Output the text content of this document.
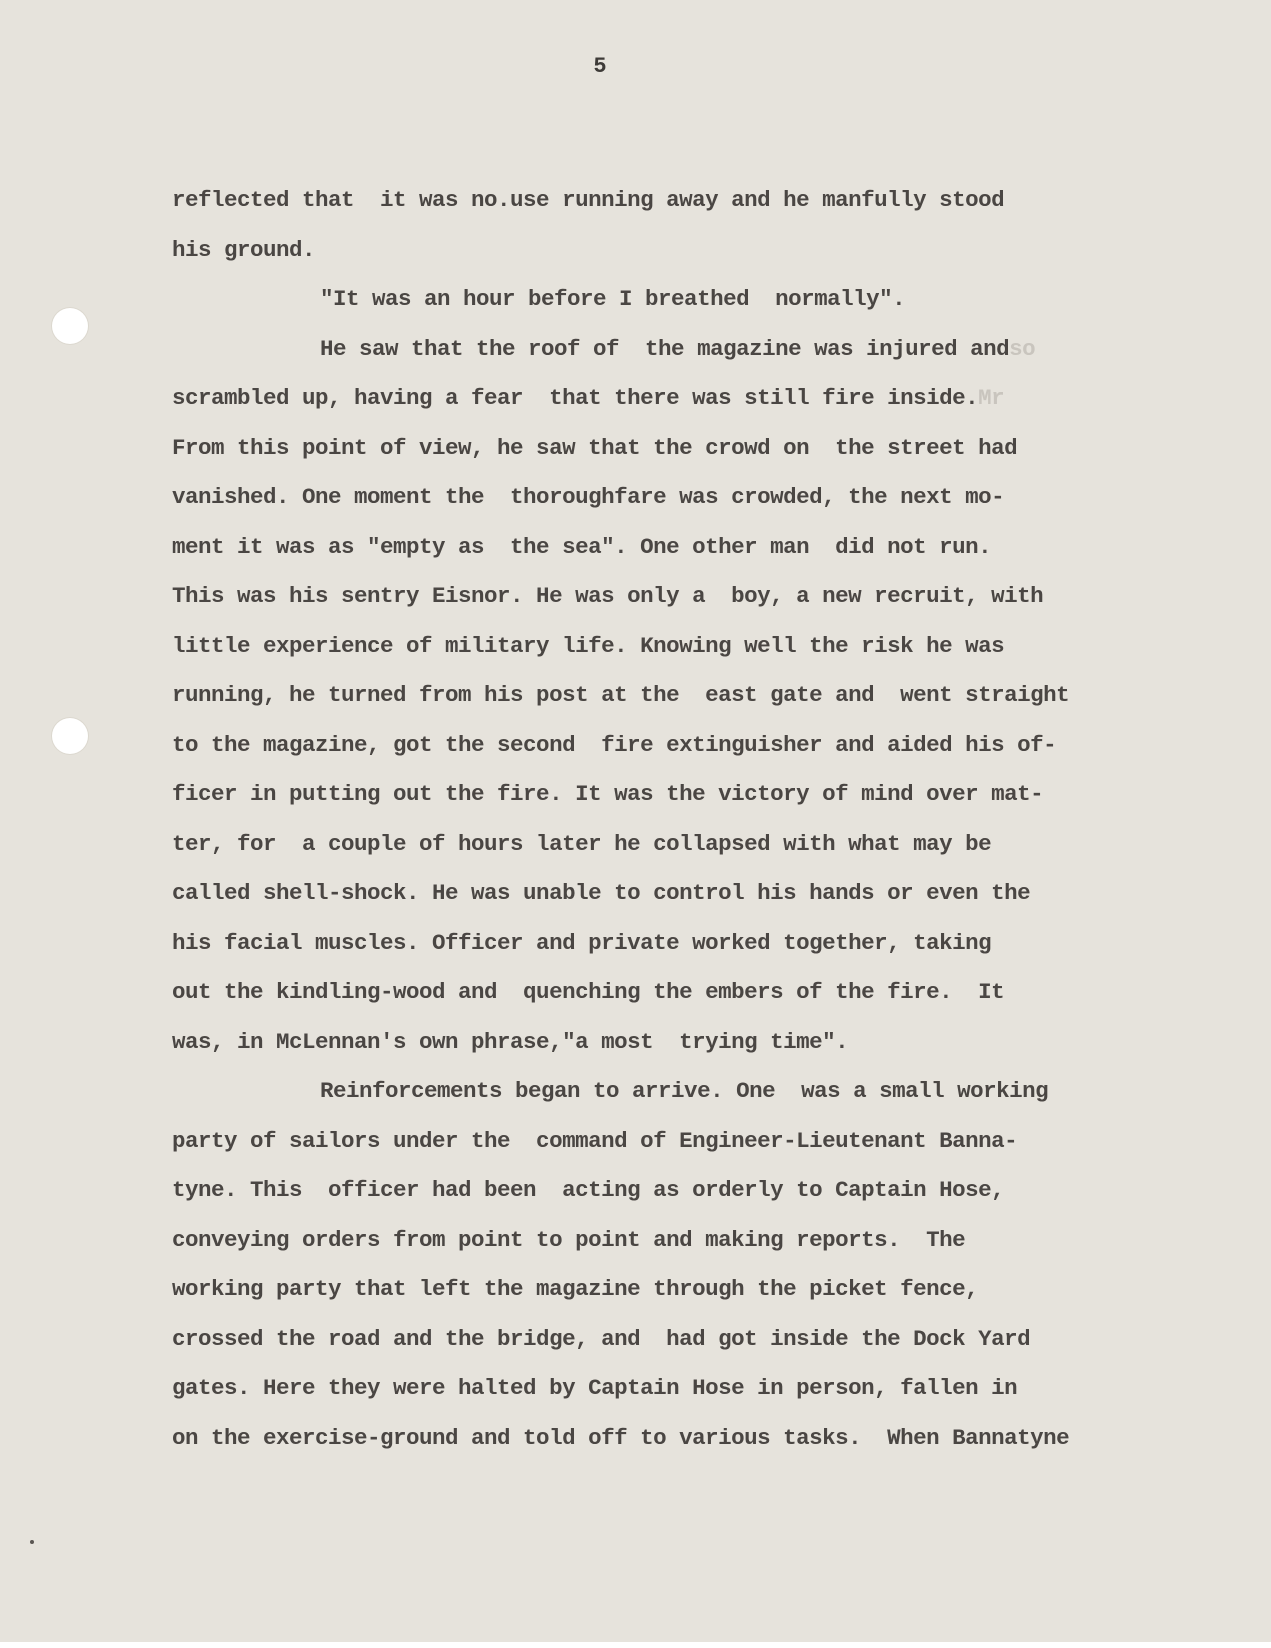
5
reflected that  it was no.use running away and he manfully stood
his ground.
"It was an hour before I breathed  normally".
He saw that the roof of  the magazine was injured andso
scrambled up, having a fear  that there was still fire inside.Mr
From this point of view, he saw that the crowd on  the street had
vanished. One moment the  thoroughfare was crowded, the next mo-
ment it was as "empty as  the sea". One other man  did not run.
This was his sentry Eisnor. He was only a  boy, a new recruit, with
little experience of military life. Knowing well the risk he was
running, he turned from his post at the  east gate and  went straight
to the magazine, got the second  fire extinguisher and aided his of-
ficer in putting out the fire. It was the victory of mind over mat-
ter, for  a couple of hours later he collapsed with what may be
called shell-shock. He was unable to control his hands or even the
his facial muscles. Officer and private worked together, taking
out the kindling-wood and  quenching the embers of the fire.  It
was, in McLennan's own phrase,"a most  trying time".
Reinforcements began to arrive. One  was a small working
party of sailors under the  command of Engineer-Lieutenant Banna-
tyne. This  officer had been  acting as orderly to Captain Hose,
conveying orders from point to point and making reports.  The
working party that left the magazine through the picket fence,
crossed the road and the bridge, and  had got inside the Dock Yard
gates. Here they were halted by Captain Hose in person, fallen in
on the exercise-ground and told off to various tasks.  When Bannatyne
